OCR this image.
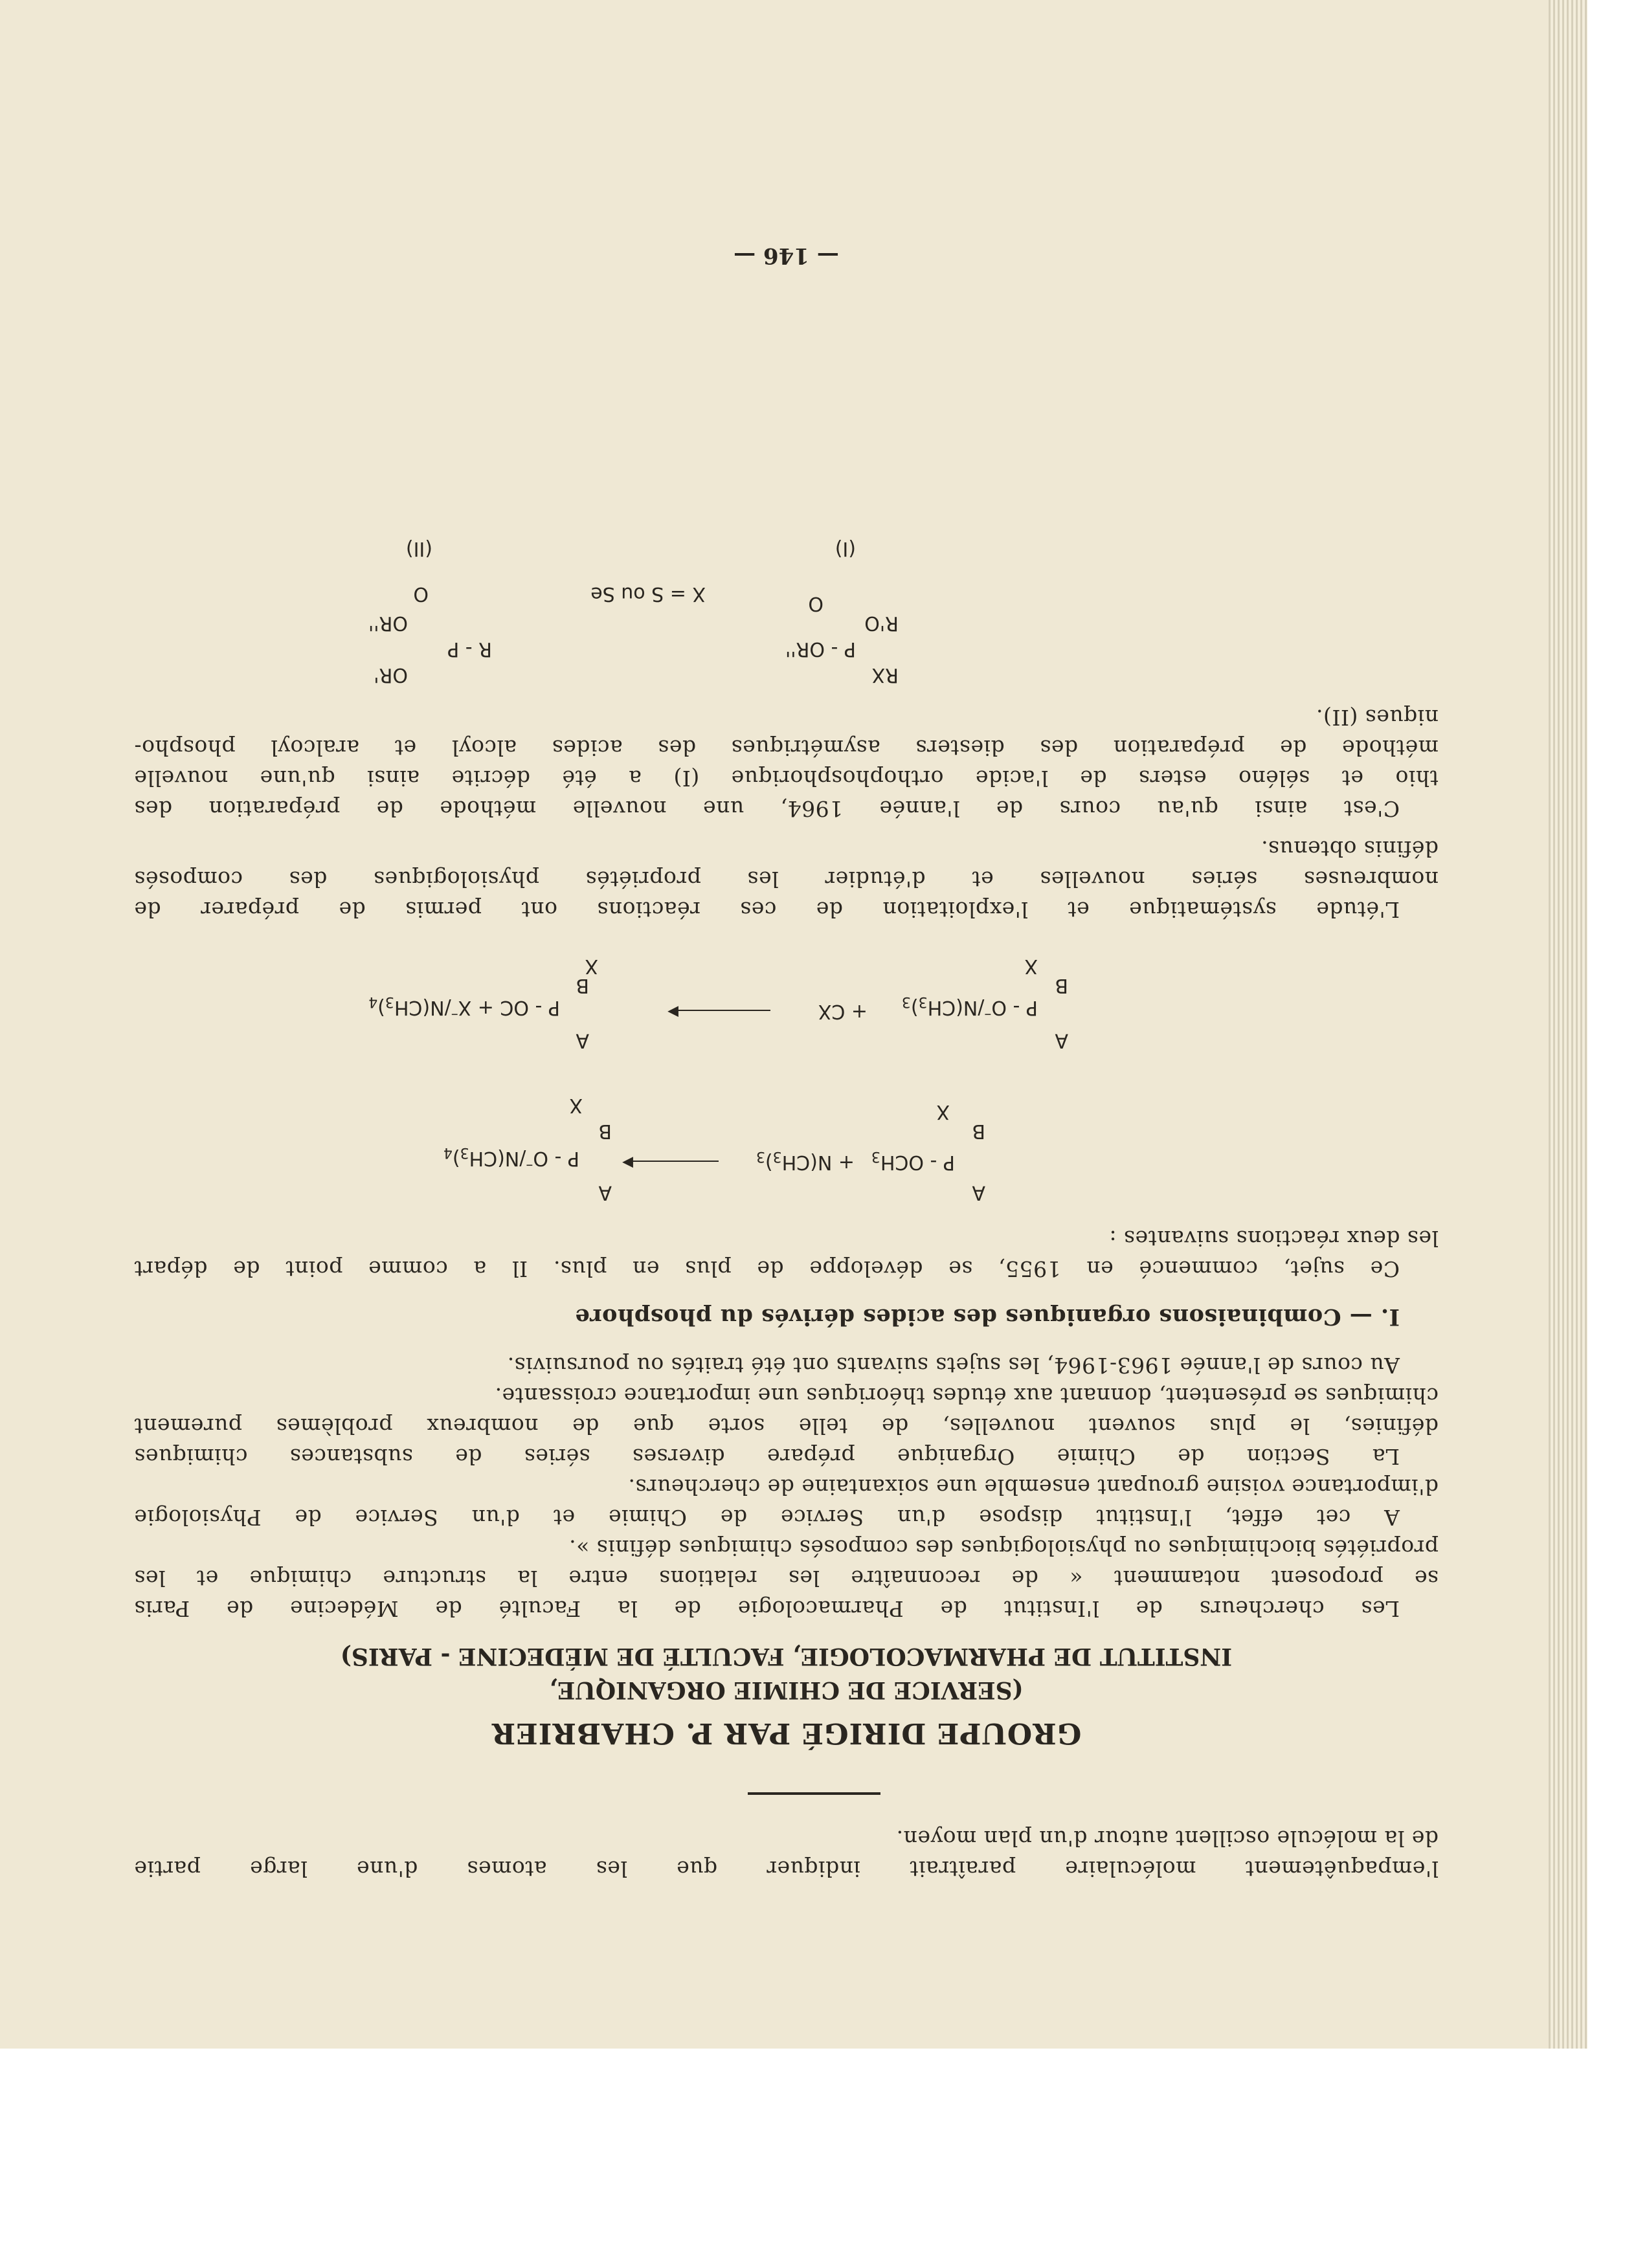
l'empaquêtement moléculaire paraîtrait indiquer que les atomes d'une large partie
de la molécule oscillent autour d'un plan moyen.
GROUPE DIRIGÉ PAR P. CHABRIER
(SERVICE DE CHIMIE ORGANIQUE,
INSTITUT DE PHARMACOLOGIE, FACULTÉ DE MÉDECINE - PARIS)
Les chercheurs de l'Institut de Pharmacologie de la Faculté de Médecine de Paris
se proposent notamment « de reconnaître les relations entre la structure chimique et les
propriétés biochimiques ou physiologiques des composés chimiques définis ».
A cet effet, l'Institut dispose d'un Service de Chimie et d'un Service de Physiologie
d'importance voisine groupant ensemble une soixantaine de chercheurs.
La Section de Chimie Organique prépare diverses séries de substances chimiques
définies, le plus souvent nouvelles, de telle sorte que de nombreux problèmes purement
chimiques se présentent, donnant aux études théoriques une importance croissante.
Au cours de l'année 1963-1964, les sujets suivants ont été traités ou poursuivis.
I. — Combinaisons organiques des acides dérivés du phosphore
Ce sujet, commencé en 1955, se développe de plus en plus. Il a comme point de départ
les deux réactions suivantes :
A
B
X
P - $OCH_3$
+ $N(CH_3)_3$
▶
A
B
X
P - $O^-/N(CH_3)_4$
A
B
X
P - $O^-/N(CH_3)_3$
+ CX
▶
A
B
X
P - OC + $X^-/N(CH_3)_4$
L'étude systématique et l'exploitation de ces réactions ont permis de préparer de
nombreuses séries nouvelles et d'étudier les propriétés physiologiques des composés
définis obtenus.
C'est ainsi qu'au cours de l'année 1964, une nouvelle méthode de préparation des
thio et séléno esters de l'acide orthophosphorique (I) a été décrite ainsi qu'une nouvelle
méthode de préparation des diesters asymétriques des acides alcoyl et aralcoyl phospho-
niques (II).
RX
R'O
P - OR''
O
(I)
X = S ou Se
R - P
OR'
OR''
O
(II)
— 146 —
